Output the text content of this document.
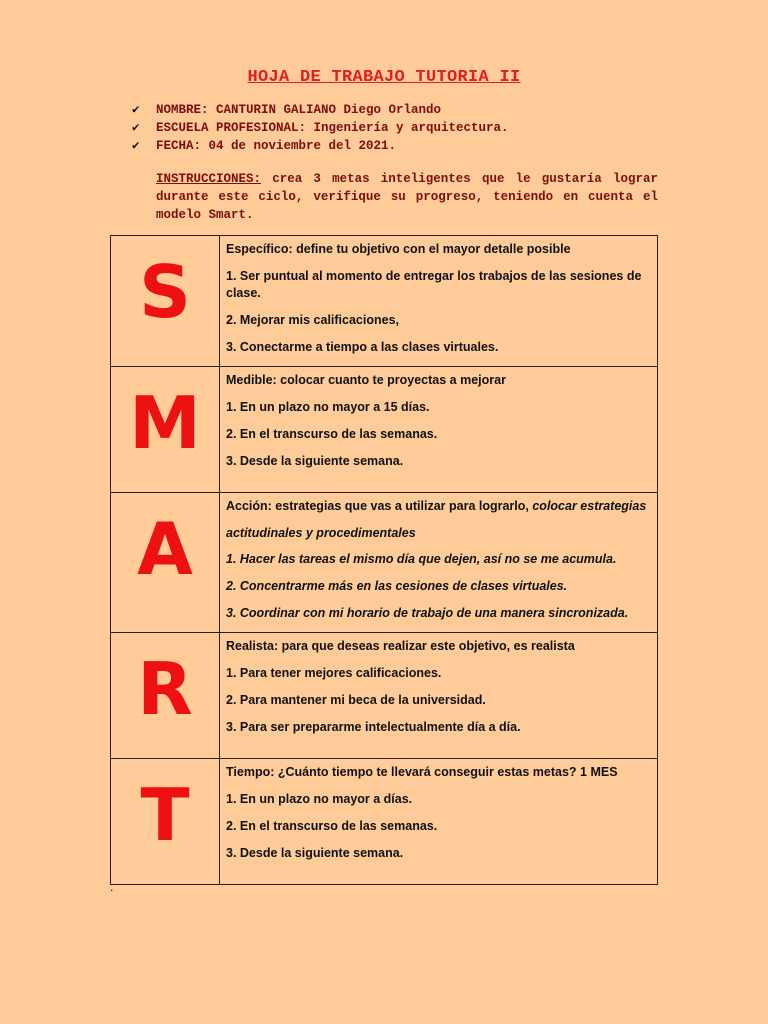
HOJA DE TRABAJO TUTORIA II
✔ NOMBRE: CANTURIN GALIANO Diego Orlando
✔ ESCUELA PROFESIONAL: Ingeniería y arquitectura.
✔ FECHA: 04 de noviembre del 2021.
INSTRUCCIONES: crea 3 metas inteligentes que le gustaría lograr durante este ciclo, verifique su progreso, teniendo en cuenta el modelo Smart.
S	Específico: define tu objetivo con el mayor detalle posible
1. Ser puntual al momento de entregar los trabajos de las sesiones de clase.
2. Mejorar mis calificaciones,
3. Conectarme a tiempo a las clases virtuales.

M	Medible: colocar cuanto te proyectas a mejorar
1. En un plazo no mayor a 15 días.
2. En el transcurso de las semanas.
3. Desde la siguiente semana.

A	Acción: estrategias que vas a utilizar para lograrlo, colocar estrategias actitudinales y procedimentales
1. Hacer las tareas el mismo día que dejen, así no se me acumula.
2. Concentrarme más en las cesiones de clases virtuales.
3. Coordinar con mi horario de trabajo de una manera sincronizada.

R	Realista: para que deseas realizar este objetivo, es realista
1. Para tener mejores calificaciones.
2. Para mantener mi beca de la universidad.
3. Para ser prepararme intelectualmente día a día.

T	Tiempo: ¿Cuánto tiempo te llevará conseguir estas metas? 1 MES
1. En un plazo no mayor a días.
2. En el transcurso de las semanas.
3. Desde la siguiente semana.
.
